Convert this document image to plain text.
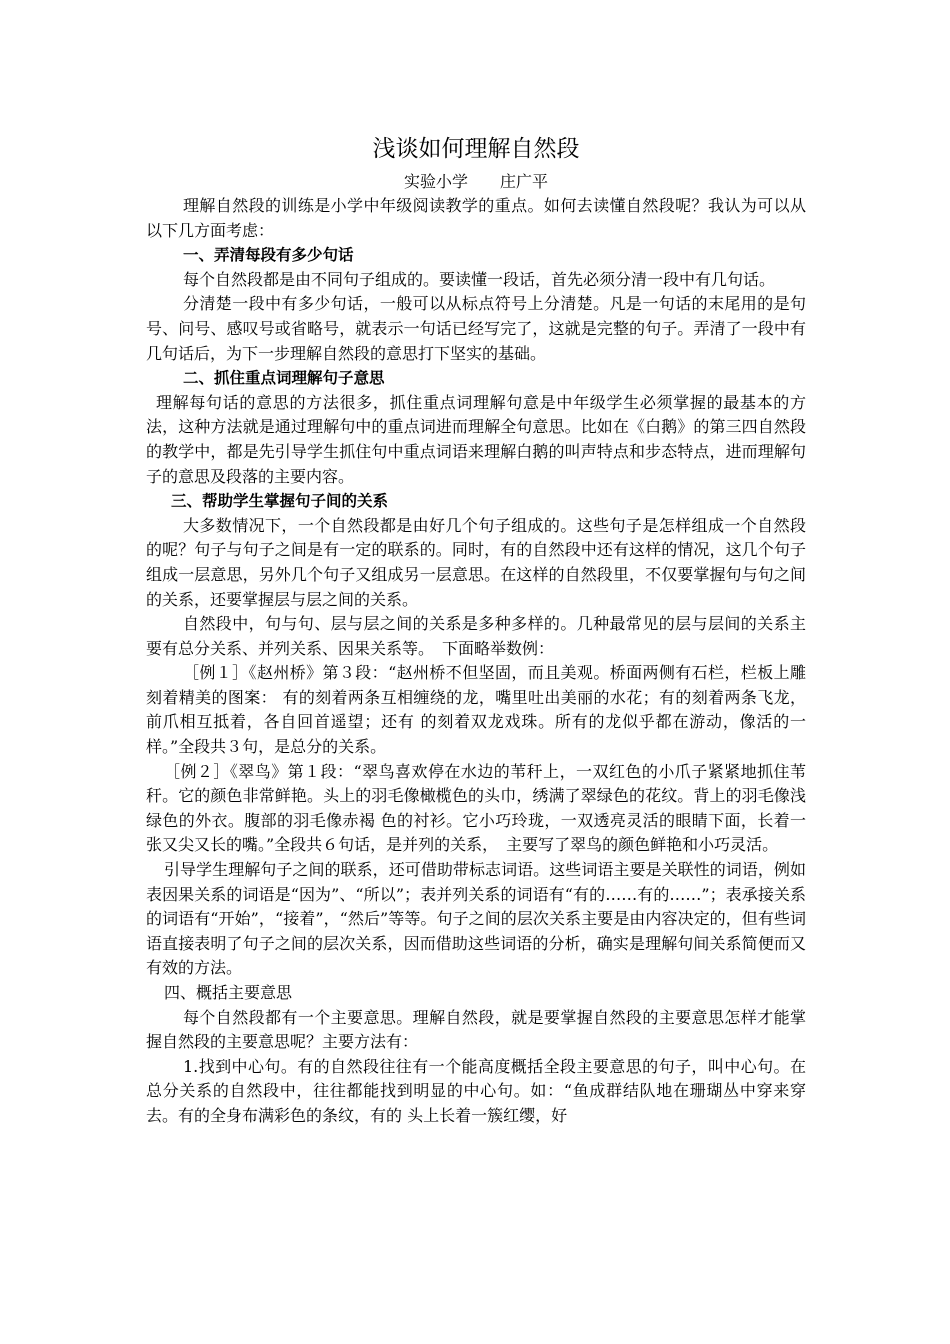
浅谈如何理解自然段
实验小学　　庄广平

理解自然段的训练是小学中年级阅读教学的重点。如何去读懂自然段呢？我认为可以从以下几方面考虑：

一、弄清每段有多少句话

每个自然段都是由不同句子组成的。要读懂一段话，首先必须分清一段中有几句话。

分清楚一段中有多少句话，一般可以从标点符号上分清楚。凡是一句话的末尾用的是句号、问号、感叹号或省略号，就表示一句话已经写完了，这就是完整的句子。弄清了一段中有几句话后，为下一步理解自然段的意思打下坚实的基础。

二、抓住重点词理解句子意思

理解每句话的意思的方法很多，抓住重点词理解句意是中年级学生必须掌握的最基本的方法，这种方法就是通过理解句中的重点词进而理解全句意思。比如在《白鹅》的第三四自然段的教学中，都是先引导学生抓住句中重点词语来理解白鹅的叫声特点和步态特点，进而理解句子的意思及段落的主要内容。

三、帮助学生掌握句子间的关系

大多数情况下，一个自然段都是由好几个句子组成的。这些句子是怎样组成一个自然段的呢？句子与句子之间是有一定的联系的。同时，有的自然段中还有这样的情况，这几个句子组成一层意思，另外几个句子又组成另一层意思。在这样的自然段里，不仅要掌握句与句之间的关系，还要掌握层与层之间的关系。

自然段中，句与句、层与层之间的关系是多种多样的。几种最常见的层与层间的关系主要有总分关系、并列关系、因果关系等。　下面略举数例：

［例１］《赵州桥》第３段：“赵州桥不但坚固，而且美观。桥面两侧有石栏，栏板上雕刻着精美的图案： 有的刻着两条互相缠绕的龙，嘴里吐出美丽的水花；有的刻着两条飞龙，前爪相互抵着，各自回首遥望；还有 的刻着双龙戏珠。所有的龙似乎都在游动，像活的一样。”全段共３句，是总分的关系。

［例２］《翠鸟》第１段：“翠鸟喜欢停在水边的苇秆上，一双红色的小爪子紧紧地抓住苇秆。它的颜色非常鲜艳。头上的羽毛像橄榄色的头巾，绣满了翠绿色的花纹。背上的羽毛像浅绿色的外衣。腹部的羽毛像赤褐 色的衬衫。它小巧玲珑，一双透亮灵活的眼睛下面，长着一张又尖又长的嘴。”全段共６句话，是并列的关系，　主要写了翠鸟的颜色鲜艳和小巧灵活。

引导学生理解句子之间的联系，还可借助带标志词语。这些词语主要是关联性的词语，例如表因果关系的词语是“因为”、“所以”；表并列关系的词语有“有的……有的……”；表承接关系的词语有“开始”，“接着”，“然后”等等。句子之间的层次关系主要是由内容决定的，但有些词语直接表明了句子之间的层次关系，因而借助这些词语的分析，确实是理解句间关系简便而又有效的方法。

四、概括主要意思

每个自然段都有一个主要意思。理解自然段，就是要掌握自然段的主要意思怎样才能掌握自然段的主要意思呢？主要方法有：

1.找到中心句。有的自然段往往有一个能高度概括全段主要意思的句子，叫中心句。在总分关系的自然段中，往往都能找到明显的中心句。如：“鱼成群结队地在珊瑚丛中穿来穿去。有的全身布满彩色的条纹，有的 头上长着一簇红缨，好
